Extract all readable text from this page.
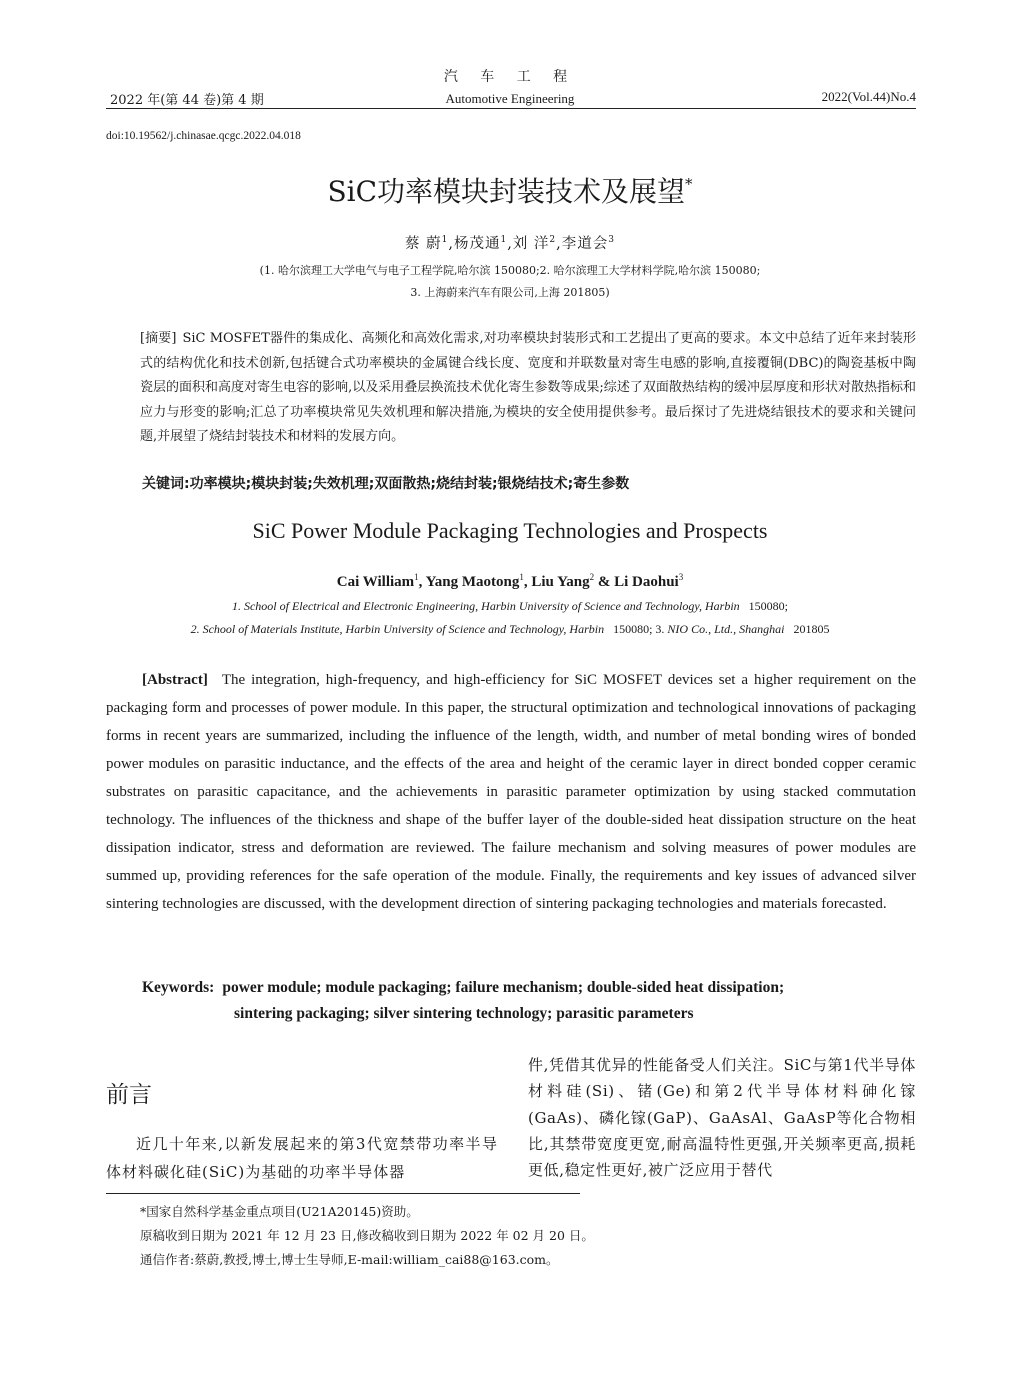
汽 车 工 程
2022 年(第 44 卷)第 4 期	Automotive Engineering	2022(Vol.44)No.4
doi:10.19562/j.chinasae.qcgc.2022.04.018
SiC功率模块封装技术及展望*
蔡 蔚$^1$,杨茂通$^1$,刘 洋$^2$,李道会$^3$
(1. 哈尔滨理工大学电气与电子工程学院,哈尔滨 150080;2. 哈尔滨理工大学材料学院,哈尔滨 150080;
3. 上海蔚来汽车有限公司,上海 201805)
[摘要] SiC MOSFET器件的集成化、高频化和高效化需求,对功率模块封装形式和工艺提出了更高的要求。本文中总结了近年来封装形式的结构优化和技术创新,包括键合式功率模块的金属键合线长度、宽度和并联数量对寄生电感的影响,直接覆铜(DBC)的陶瓷基板中陶瓷层的面积和高度对寄生电容的影响,以及采用叠层换流技术优化寄生参数等成果;综述了双面散热结构的缓冲层厚度和形状对散热指标和应力与形变的影响;汇总了功率模块常见失效机理和解决措施,为模块的安全使用提供参考。最后探讨了先进烧结银技术的要求和关键问题,并展望了烧结封装技术和材料的发展方向。
关键词:功率模块;模块封装;失效机理;双面散热;烧结封装;银烧结技术;寄生参数
SiC Power Module Packaging Technologies and Prospects
Cai William$^1$, Yang Maotong$^1$, Liu Yang$^2$ & Li Daohui$^3$
1. School of Electrical and Electronic Engineering, Harbin University of Science and Technology, Harbin 150080;
2. School of Materials Institute, Harbin University of Science and Technology, Harbin 150080; 3. NIO Co., Ltd., Shanghai 201805
[Abstract] The integration, high-frequency, and high-efficiency for SiC MOSFET devices set a higher requirement on the packaging form and processes of power module. In this paper, the structural optimization and technological innovations of packaging forms in recent years are summarized, including the influence of the length, width, and number of metal bonding wires of bonded power modules on parasitic inductance, and the effects of the area and height of the ceramic layer in direct bonded copper ceramic substrates on parasitic capacitance, and the achievements in parasitic parameter optimization by using stacked commutation technology. The influences of the thickness and shape of the buffer layer of the double-sided heat dissipation structure on the heat dissipation indicator, stress and deformation are reviewed. The failure mechanism and solving measures of power modules are summed up, providing references for the safe operation of the module. Finally, the requirements and key issues of advanced silver sintering technologies are discussed, with the development direction of sintering packaging technologies and materials forecasted.
Keywords: power module; module packaging; failure mechanism; double-sided heat dissipation;
sintering packaging; silver sintering technology; parasitic parameters
前言
近几十年来,以新发展起来的第3代宽禁带功率半导体材料碳化硅(SiC)为基础的功率半导体器
件,凭借其优异的性能备受人们关注。SiC与第1代半导体材料硅(Si)、锗(Ge)和第2代半导体材料砷化镓(GaAs)、磷化镓(GaP)、GaAsAl、GaAsP等化合物相比,其禁带宽度更宽,耐高温特性更强,开关频率更高,损耗更低,稳定性更好,被广泛应用于替代
*国家自然科学基金重点项目(U21A20145)资助。
原稿收到日期为 2021 年 12 月 23 日,修改稿收到日期为 2022 年 02 月 20 日。
通信作者:蔡蔚,教授,博士,博士生导师,E-mail:william_cai88@163.com。
